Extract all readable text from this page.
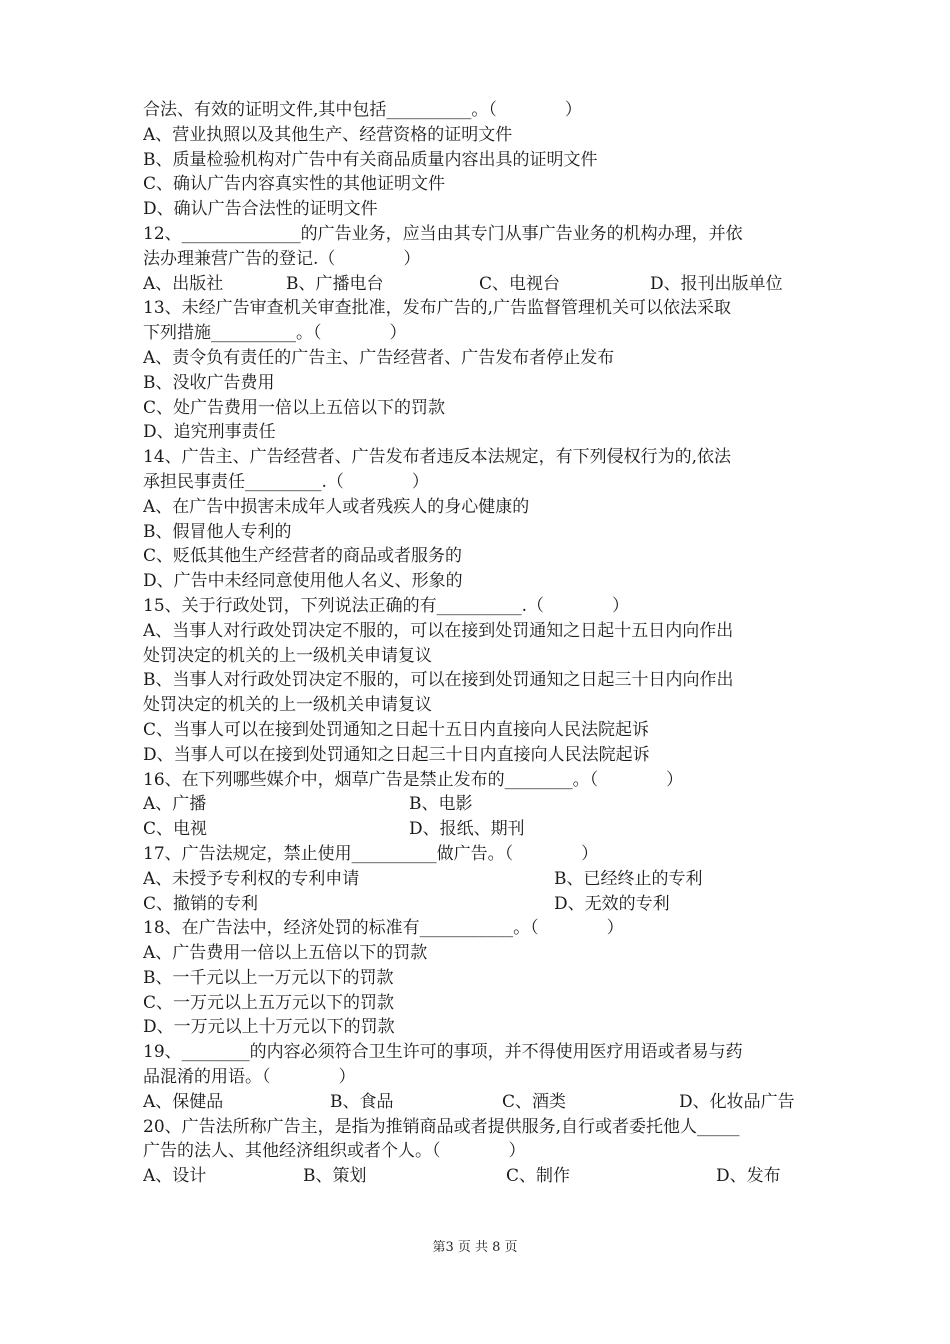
合法、有效的证明文件,其中包括__________。（　　　　）
A、营业执照以及其他生产、经营资格的证明文件
B、质量检验机构对广告中有关商品质量内容出具的证明文件
C、确认广告内容真实性的其他证明文件
D、确认广告合法性的证明文件
12、______________的广告业务，应当由其专门从事广告业务的机构办理，并依
法办理兼营广告的登记.（　　　　）
A、出版社	B、广播电台	C、电视台	D、报刊出版单位
13、未经广告审查机关审查批准，发布广告的,广告监督管理机关可以依法采取
下列措施__________。（　　　　）
A、责令负有责任的广告主、广告经营者、广告发布者停止发布
B、没收广告费用
C、处广告费用一倍以上五倍以下的罚款
D、追究刑事责任
14、广告主、广告经营者、广告发布者违反本法规定，有下列侵权行为的,依法
承担民事责任_________.（　　　　）
A、在广告中损害未成年人或者残疾人的身心健康的
B、假冒他人专利的
C、贬低其他生产经营者的商品或者服务的
D、广告中未经同意使用他人名义、形象的
15、关于行政处罚，下列说法正确的有__________.（　　　　）
A、当事人对行政处罚决定不服的，可以在接到处罚通知之日起十五日内向作出
处罚决定的机关的上一级机关申请复议
B、当事人对行政处罚决定不服的，可以在接到处罚通知之日起三十日内向作出
处罚决定的机关的上一级机关申请复议
C、当事人可以在接到处罚通知之日起十五日内直接向人民法院起诉
D、当事人可以在接到处罚通知之日起三十日内直接向人民法院起诉
16、在下列哪些媒介中，烟草广告是禁止发布的________。（　　　　）
A、广播	B、电影
C、电视	D、报纸、期刊
17、广告法规定，禁止使用__________做广告。（　　　　）
A、未授予专利权的专利申请	B、已经终止的专利
C、撤销的专利	D、无效的专利
18、在广告法中，经济处罚的标准有___________。（　　　　）
A、广告费用一倍以上五倍以下的罚款
B、一千元以上一万元以下的罚款
C、一万元以上五万元以下的罚款
D、一万元以上十万元以下的罚款
19、________的内容必须符合卫生许可的事项，并不得使用医疗用语或者易与药
品混淆的用语。（　　　　）
A、保健品	B、食品	C、酒类	D、化妆品广告
20、广告法所称广告主，是指为推销商品或者提供服务,自行或者委托他人_____
广告的法人、其他经济组织或者个人。（　　　　）
A、设计	B、策划	C、制作	D、发布
第3 页 共 8 页
